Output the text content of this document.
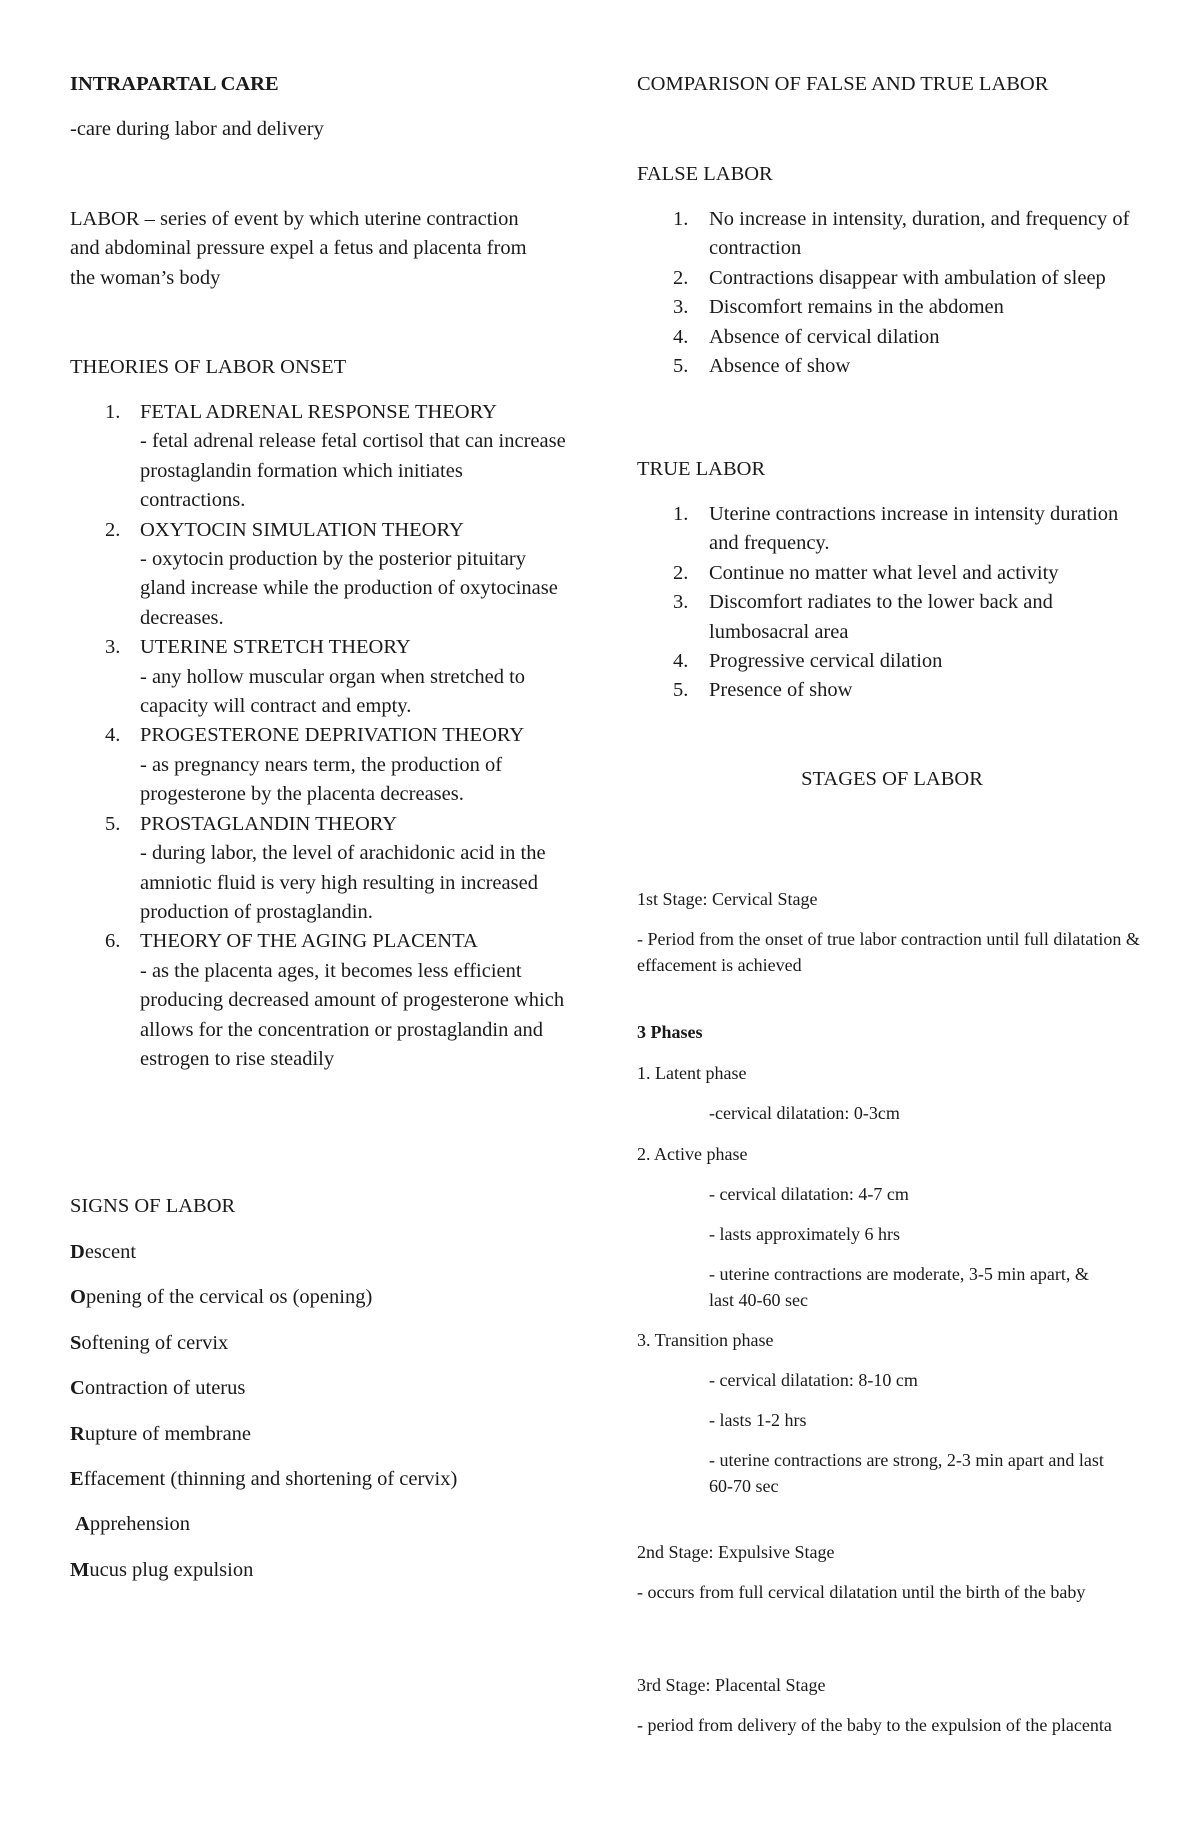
INTRAPARTAL CARE
-care during labor and delivery
LABOR – series of event by which uterine contraction and abdominal pressure expel a fetus and placenta from the woman’s body
THEORIES OF LABOR ONSET
1. FETAL ADRENAL RESPONSE THEORY
- fetal adrenal release fetal cortisol that can increase prostaglandin formation which initiates contractions.
2. OXYTOCIN SIMULATION THEORY
- oxytocin production by the posterior pituitary gland increase while the production of oxytocinase decreases.
3. UTERINE STRETCH THEORY
- any hollow muscular organ when stretched to capacity will contract and empty.
4. PROGESTERONE DEPRIVATION THEORY
- as pregnancy nears term, the production of progesterone by the placenta decreases.
5. PROSTAGLANDIN THEORY
- during labor, the level of arachidonic acid in the amniotic fluid is very high resulting in increased production of prostaglandin.
6. THEORY OF THE AGING PLACENTA
- as the placenta ages, it becomes less efficient producing decreased amount of progesterone which allows for the concentration or prostaglandin and estrogen to rise steadily
SIGNS OF LABOR

Descent

Opening of the cervical os (opening)

Softening of cervix

Contraction of uterus

Rupture of membrane

Effacement (thinning and shortening of cervix)

Apprehension

Mucus plug expulsion

COMPARISON OF FALSE AND TRUE LABOR
FALSE LABOR
1. No increase in intensity, duration, and frequency of contraction
2. Contractions disappear with ambulation of sleep
3. Discomfort remains in the abdomen
4. Absence of cervical dilation
5. Absence of show
TRUE LABOR
1. Uterine contractions increase in intensity duration and frequency.
2. Continue no matter what level and activity
3. Discomfort radiates to the lower back and lumbosacral area
4. Progressive cervical dilation
5. Presence of show
STAGES OF LABOR
1st Stage: Cervical Stage
- Period from the onset of true labor contraction until full dilatation & effacement is achieved
3 Phases
1. Latent phase
-cervical dilatation: 0-3cm
2. Active phase
- cervical dilatation: 4-7 cm
- lasts approximately 6 hrs
- uterine contractions are moderate, 3-5 min apart, & last 40-60 sec
3. Transition phase
- cervical dilatation: 8-10 cm
- lasts 1-2 hrs
- uterine contractions are strong, 2-3 min apart and last 60-70 sec
2nd Stage: Expulsive Stage
- occurs from full cervical dilatation until the birth of the baby
3rd Stage: Placental Stage
- period from delivery of the baby to the expulsion of the placenta
